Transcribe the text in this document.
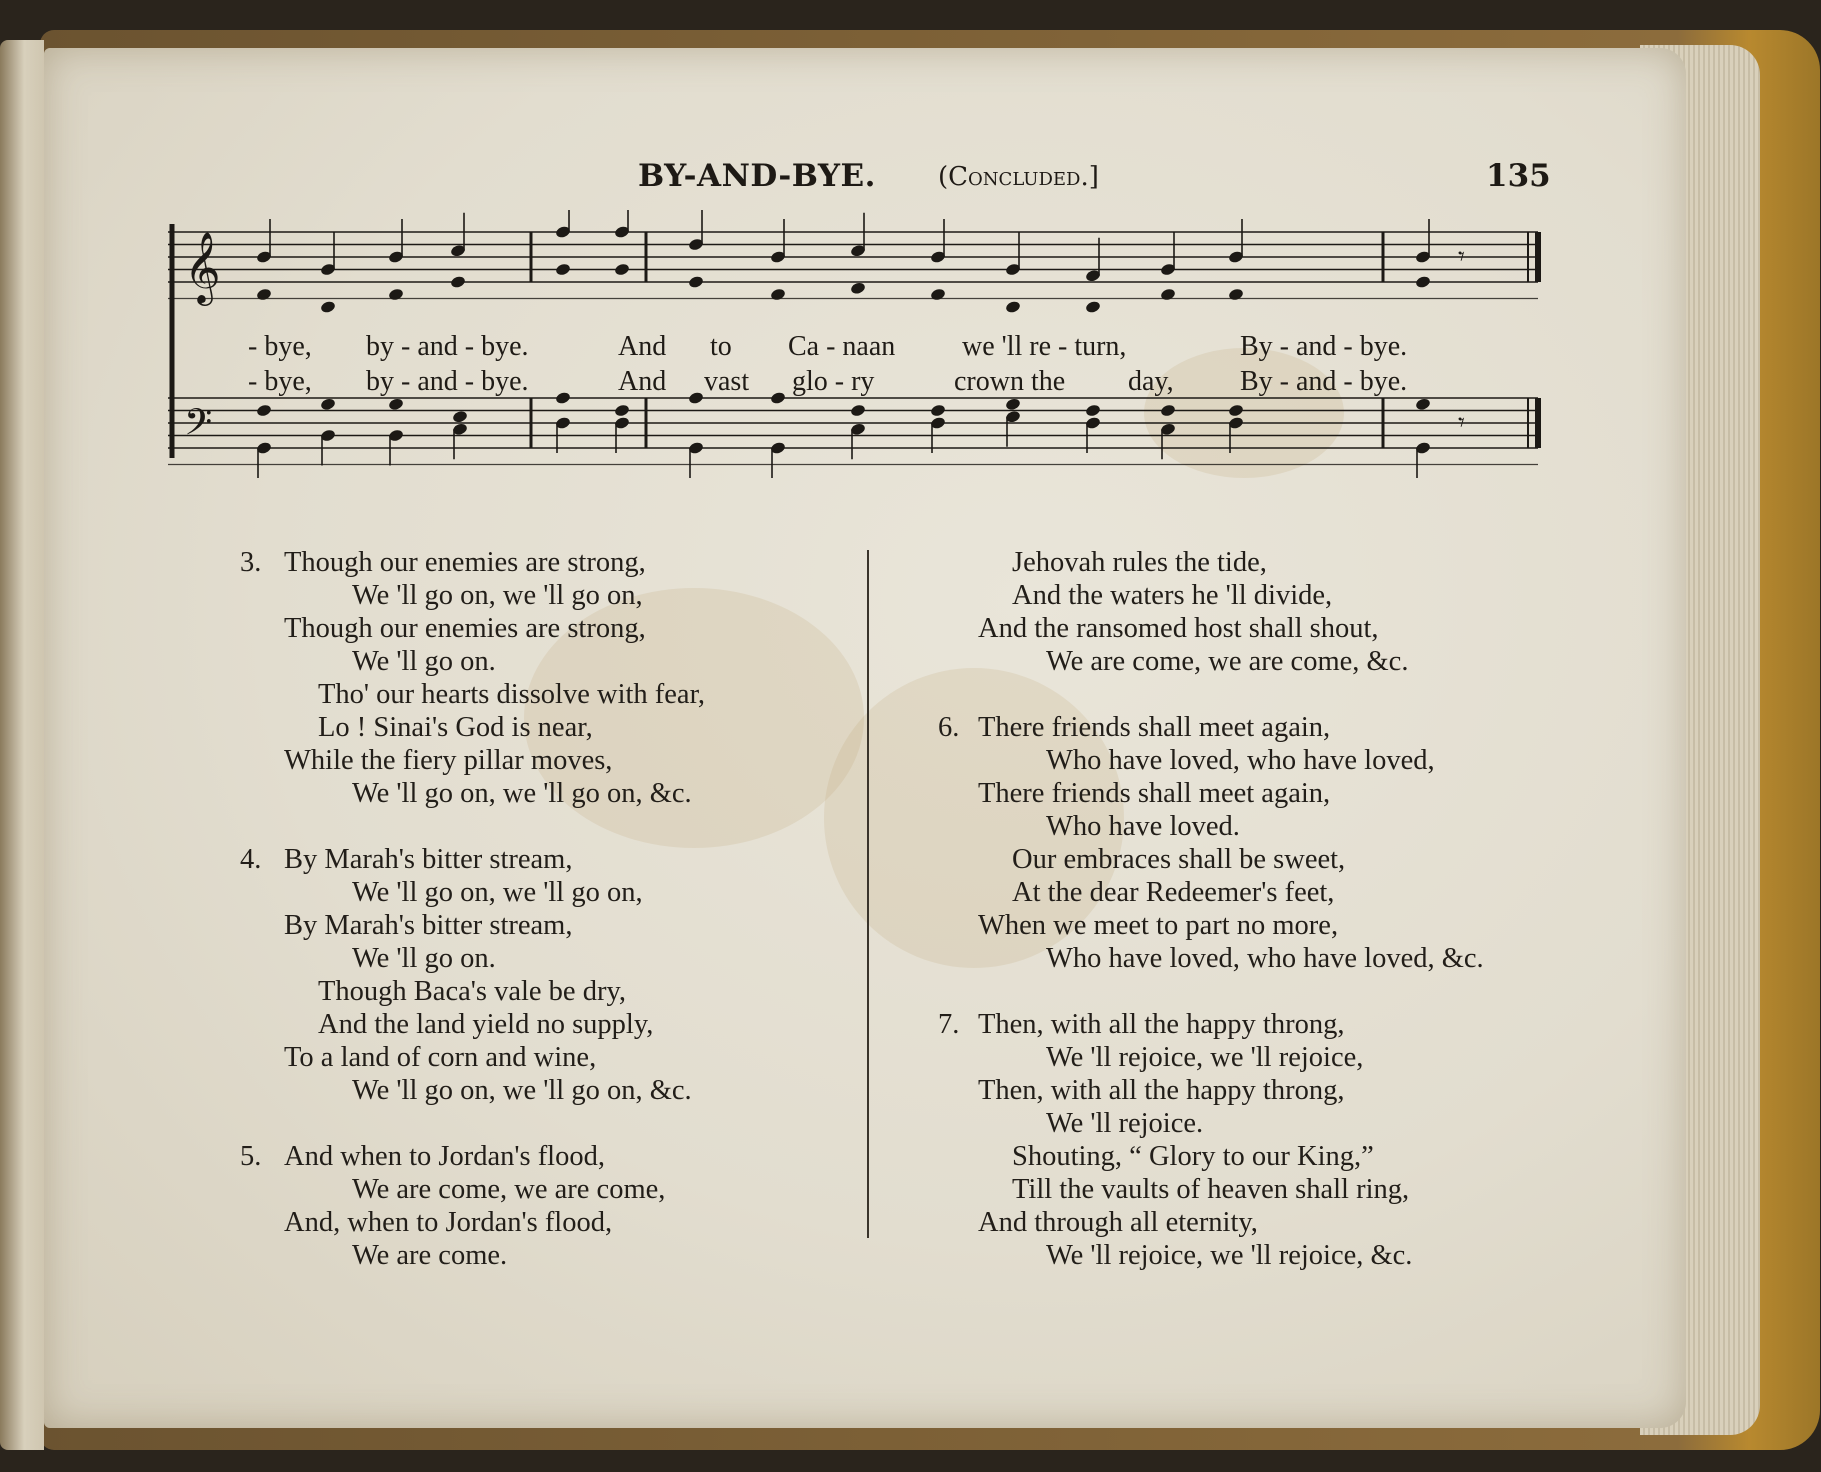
BY-AND-BYE. (Concluded.]	135
𝄞
𝄢
𝄾
𝄾
- bye, by - and - bye.	And to Ca - naan we 'll re - turn,	By - and - bye.
- bye, by - and - bye.	And vast glo - ry	crown the day, By - and - bye.
3. Though our enemies are strong,
We 'll go on, we 'll go on,
Though our enemies are strong,
We 'll go on.
Tho' our hearts dissolve with fear,
Lo ! Sinai's God is near,
While the fiery pillar moves,
We 'll go on, we 'll go on, &c.
4. By Marah's bitter stream,
We 'll go on, we 'll go on,
By Marah's bitter stream,
We 'll go on.
Though Baca's vale be dry,
And the land yield no supply,
To a land of corn and wine,
We 'll go on, we 'll go on, &c.
5. And when to Jordan's flood,
We are come, we are come,
And, when to Jordan's flood,
We are come.
Jehovah rules the tide,
And the waters he 'll divide,
And the ransomed host shall shout,
We are come, we are come, &c.
6. There friends shall meet again,
Who have loved, who have loved,
There friends shall meet again,
Who have loved.
Our embraces shall be sweet,
At the dear Redeemer's feet,
When we meet to part no more,
Who have loved, who have loved, &c.
7. Then, with all the happy throng,
We 'll rejoice, we 'll rejoice,
Then, with all the happy throng,
We 'll rejoice.
Shouting, “ Glory to our King,”
Till the vaults of heaven shall ring,
And through all eternity,
We 'll rejoice, we 'll rejoice, &c.
